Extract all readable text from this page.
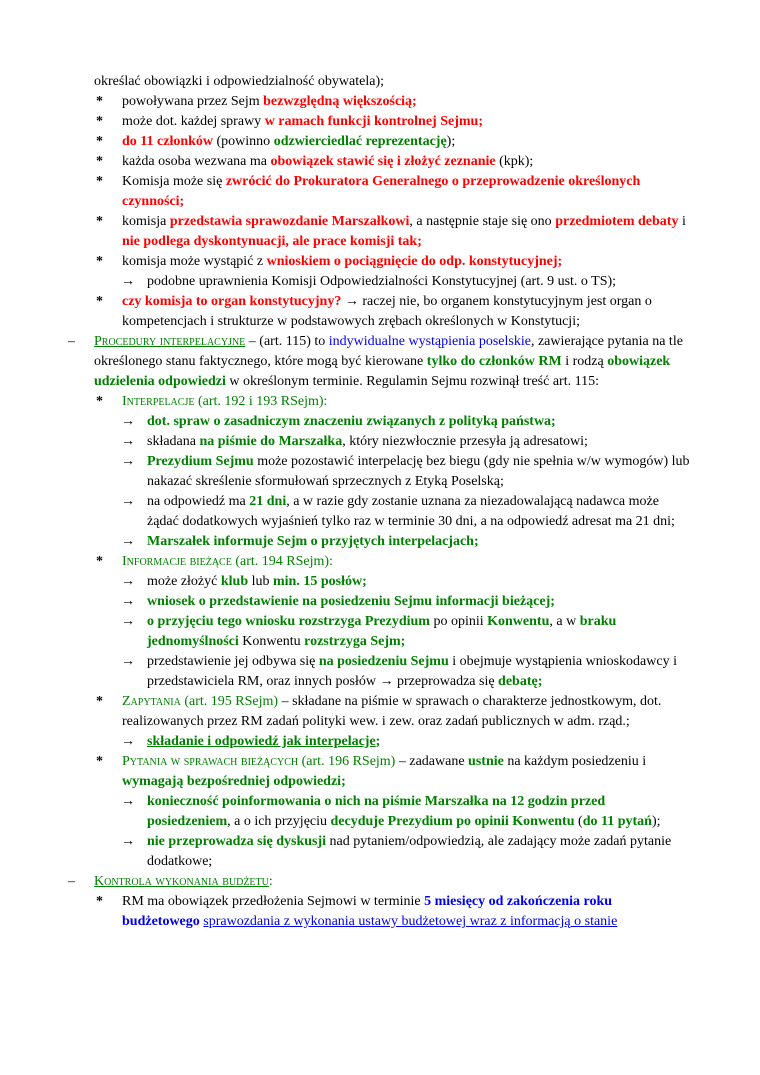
określać obowiązki i odpowiedzialność obywatela);
*	powoływana przez Sejm bezwzględną większością;
*	może dot. każdej sprawy w ramach funkcji kontrolnej Sejmu;
*	do 11 członków (powinno odzwierciedlać reprezentację);
*	każda osoba wezwana ma obowiązek stawić się i złożyć zeznanie (kpk);
*	Komisja może się zwrócić do Prokuratora Generalnego o przeprowadzenie określonych czynności;
*	komisja przedstawia sprawozdanie Marszałkowi, a następnie staje się ono przedmiotem debaty i nie podlega dyskontynuacji, ale prace komisji tak;
*	komisja może wystąpić z wnioskiem o pociągnięcie do odp. konstytucyjnej;
→ podobne uprawnienia Komisji Odpowiedzialności Konstytucyjnej (art. 9 ust. o TS);
*	czy komisja to organ konstytucyjny? → raczej nie, bo organem konstytucyjnym jest organ o kompetencjach i strukturze w podstawowych zrębach określonych w Konstytucji;
–	Procedury interpelacyjne – (art. 115) to indywidualne wystąpienia poselskie, zawierające pytania na tle określonego stanu faktycznego, które mogą być kierowane tylko do członków RM i rodzą obowiązek udzielenia odpowiedzi w określonym terminie. Regulamin Sejmu rozwinął treść art. 115:
*	Interpelacje (art. 192 i 193 RSejm):
→ dot. spraw o zasadniczym znaczeniu związanych z polityką państwa;
→ składana na piśmie do Marszałka, który niezwłocznie przesyła ją adresatowi;
→ Prezydium Sejmu może pozostawić interpelację bez biegu (gdy nie spełnia w/w wymogów) lub nakazać skreślenie sformułowań sprzecznych z Etyką Poselską;
→ na odpowiedź ma 21 dni, a w razie gdy zostanie uznana za niezadowalającą nadawca może żądać dodatkowych wyjaśnień tylko raz w terminie 30 dni, a na odpowiedź adresat ma 21 dni;
→ Marszałek informuje Sejm o przyjętych interpelacjach;
*	Informacje bieżące (art. 194 RSejm):
→ może złożyć klub lub min. 15 posłów;
→ wniosek o przedstawienie na posiedzeniu Sejmu informacji bieżącej;
→ o przyjęciu tego wniosku rozstrzyga Prezydium po opinii Konwentu, a w braku jednomyślności Konwentu rozstrzyga Sejm;
→ przedstawienie jej odbywa się na posiedzeniu Sejmu i obejmuje wystąpienia wnioskodawcy i przedstawiciela RM, oraz innych posłów → przeprowadza się debatę;
*	Zapytania (art. 195 RSejm) – składane na piśmie w sprawach o charakterze jednostkowym, dot. realizowanych przez RM zadań polityki wew. i zew. oraz zadań publicznych w adm. rząd.;
→ składanie i odpowiedź jak interpelacje;
*	Pytania w sprawach bieżących (art. 196 RSejm) – zadawane ustnie na każdym posiedzeniu i wymagają bezpośredniej odpowiedzi;
→ konieczność poinformowania o nich na piśmie Marszałka na 12 godzin przed posiedzeniem, a o ich przyjęciu decyduje Prezydium po opinii Konwentu (do 11 pytań);
→ nie przeprowadza się dyskusji nad pytaniem/odpowiedzią, ale zadający może zadań pytanie dodatkowe;
–	Kontrola wykonania budżetu:
*	RM ma obowiązek przedłożenia Sejmowi w terminie 5 miesięcy od zakończenia roku budżetowego sprawozdania z wykonania ustawy budżetowej wraz z informacją o stanie
